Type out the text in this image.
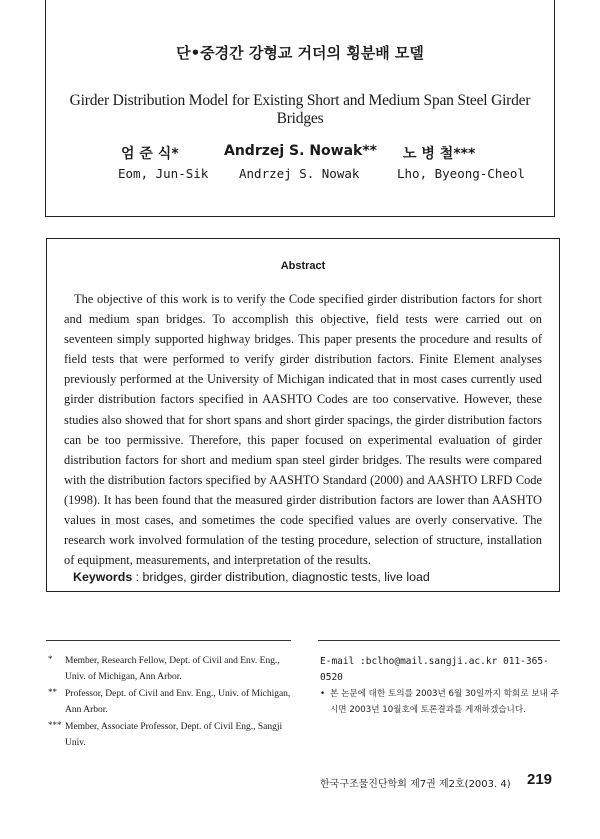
단•중경간 강형교 거더의 횡분배 모델
Girder Distribution Model for Existing Short and Medium Span Steel Girder Bridges
엄 준 식*	Andrzej S. Nowak** 노 병 철***
Eom, Jun-Sik Andrzej S. Nowak	Lho, Byeong-Cheol
Abstract
The objective of this work is to verify the Code specified girder distribution factors for short and medium span bridges. To accomplish this objective, field tests were carried out on seventeen simply supported highway bridges. This paper presents the procedure and results of field tests that were performed to verify girder distribution factors. Finite Element analyses previously performed at the University of Michigan indicated that in most cases currently used girder distribution factors specified in AASHTO Codes are too conservative. However, these studies also showed that for short spans and short girder spacings, the girder distribution factors can be too permissive. Therefore, this paper focused on experimental evaluation of girder distribution factors for short and medium span steel girder bridges. The results were compared with the distribution factors specified by AASHTO Standard (2000) and AASHTO LRFD Code (1998). It has been found that the measured girder distribution factors are lower than AASHTO values in most cases, and sometimes the code specified values are overly conservative. The research work involved formulation of the testing procedure, selection of structure, installation of equipment, measurements, and interpretation of the results.
Keywords : bridges, girder distribution, diagnostic tests, live load
* Member, Research Fellow, Dept. of Civil and Env. Eng., Univ. of Michigan, Ann Arbor.
** Professor, Dept. of Civil and Env. Eng., Univ. of Michigan, Ann Arbor.
*** Member, Associate Professor, Dept. of Civil Eng., Sangji Univ.
E-mail :bclho@mail.sangji.ac.kr 011-365-0520
• 본 논문에 대한 토의를 2003년 6월 30일까지 학회로 보내 주시면 2003년 10월호에 토론결과를 게재하겠습니다.
한국구조물진단학회 제7권 제2호(2003. 4) 219
